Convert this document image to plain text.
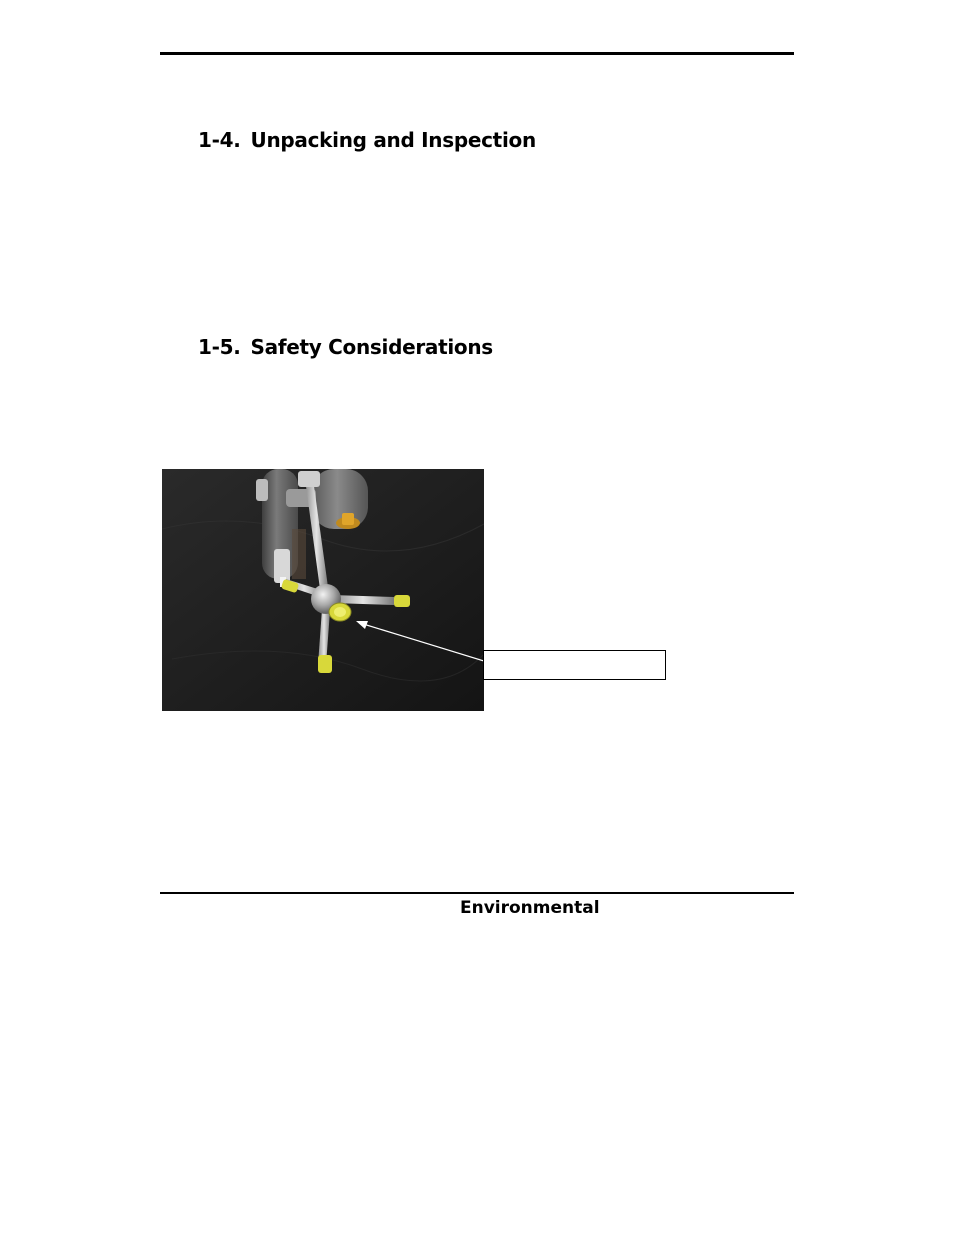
1-4. Unpacking and Inspection
1-5. Safety Considerations
Environmental
